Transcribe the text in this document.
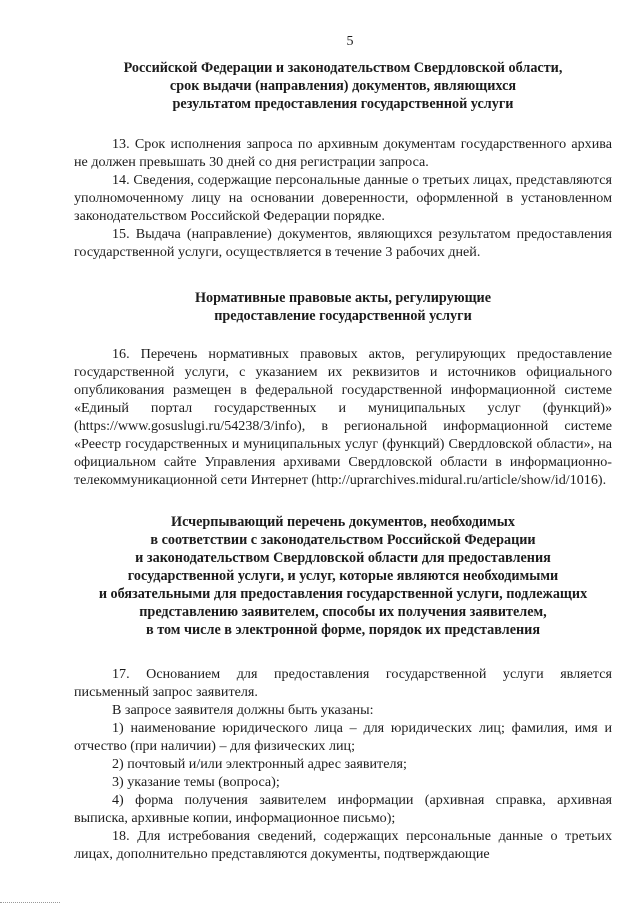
5

Российской Федерации и законодательством Свердловской области,

срок выдачи (направления) документов, являющихся

результатом предоставления государственной услуги

13. Срок исполнения запроса по архивным документам государственного архива не должен превышать 30 дней со дня регистрации запроса.

14. Сведения, содержащие персональные данные о третьих лицах, представляются уполномоченному лицу на основании доверенности, оформленной в установленном законодательством Российской Федерации порядке.

15. Выдача (направление) документов, являющихся результатом предоставления государственной услуги, осуществляется в течение 3 рабочих дней.

Нормативные правовые акты, регулирующие

предоставление государственной услуги

16. Перечень нормативных правовых актов, регулирующих предоставление государственной услуги, с указанием их реквизитов и источников официального опубликования размещен в федеральной государственной информационной системе «Единый портал государственных и муниципальных услуг (функций)» (https://www.gosuslugi.ru/54238/3/info), в региональной информационной системе «Реестр государственных и муниципальных услуг (функций) Свердловской области», на официальном сайте Управления архивами Свердловской области в информационно-телекоммуникационной сети Интернет (http://uprarchives.midural.ru/article/show/id/1016).

Исчерпывающий перечень документов, необходимых

в соответствии с законодательством Российской Федерации

и законодательством Свердловской области для предоставления

государственной услуги, и услуг, которые являются необходимыми

и обязательными для предоставления государственной услуги, подлежащих

представлению заявителем, способы их получения заявителем,

в том числе в электронной форме, порядок их представления

17. Основанием для предоставления государственной услуги является письменный запрос заявителя.

В запросе заявителя должны быть указаны:

1) наименование юридического лица – для юридических лиц; фамилия, имя и отчество (при наличии) – для физических лиц;

2) почтовый и/или электронный адрес заявителя;

3) указание темы (вопроса);

4) форма получения заявителем информации (архивная справка, архивная выписка, архивные копии, информационное письмо);

18. Для истребования сведений, содержащих персональные данные о третьих лицах, дополнительно представляются документы, подтверждающие
